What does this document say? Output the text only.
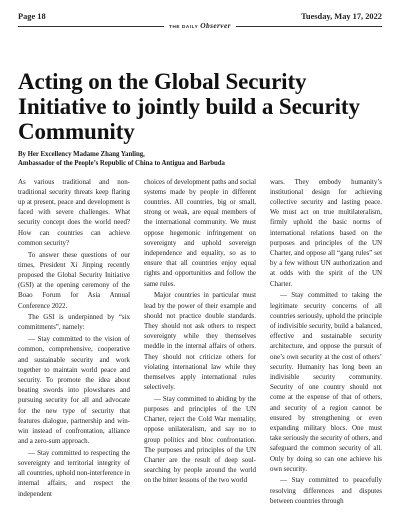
Page 18	Tuesday, May 17, 2022
THE DAILY Observer
Acting on the Global Security Initiative to jointly build a Security Community
By Her Excellency Madame Zhang Yanling,
Ambassador of the People’s Republic of China to Antigua and Barbuda

As various traditional and non-traditional security threats keep flaring up at present, peace and development is faced with severe challenges. What security concept does the world need? How can countries can achieve common security?

To answer these questions of our times, President Xi Jinping recently proposed the Global Security Initiative (GSI) at the opening ceremony of the Boao Forum for Asia Annual Conference 2022.

The GSI is underpinned by “six commitments”, namely:

— Stay committed to the vision of common, comprehensive, cooperative and sustainable security and work together to maintain world peace and security. To promote the idea about beating swords into plowshares and pursuing security for all and advocate for the new type of security that features dialogue, partnership and win-win instead of confrontation, alliance and a zero-sum approach.

— Stay committed to respecting the sovereignty and territorial integrity of all countries, uphold non-interference in internal affairs, and respect the independent

choices of development paths and social systems made by people in different countries. All countries, big or small, strong or weak, are equal members of the international community. We must oppose hegemonic infringement on sovereignty and uphold sovereign independence and equality, so as to ensure that all countries enjoy equal rights and opportunities and follow the same rules.

Major countries in particular must lead by the power of their example and should not practice double standards. They should not ask others to respect sovereignty while they themselves meddle in the internal affairs of others. They should not criticize others for violating international law while they themselves apply international rules selectively.

— Stay committed to abiding by the purposes and principles of the UN Charter, reject the Cold War mentality, oppose unilateralism, and say no to group politics and bloc confrontation. The purposes and principles of the UN Charter are the result of deep soul-searching by people around the world on the bitter lessons of the two world

wars. They embody humanity’s institutional design for achieving collective security and lasting peace. We must act on true multilateralism, firmly uphold the basic norms of international relations based on the purposes and principles of the UN Charter, and oppose all “gang rules” set by a few without UN authorization and at odds with the spirit of the UN Charter.

— Stay committed to taking the legitimate security concerns of all countries seriously, uphold the principle of indivisible security, build a balanced, effective and sustainable security architecture, and oppose the pursuit of one’s own security at the cost of others’ security. Humanity has long been an indivisible security community. Security of one country should not come at the expense of that of others, and security of a region cannot be ensured by strengthening or even expanding military blocs. One must take seriously the security of others, and safeguard the common security of all. Only by doing so can one achieve his own security.

— Stay committed to peacefully resolving differences and disputes between countries through
